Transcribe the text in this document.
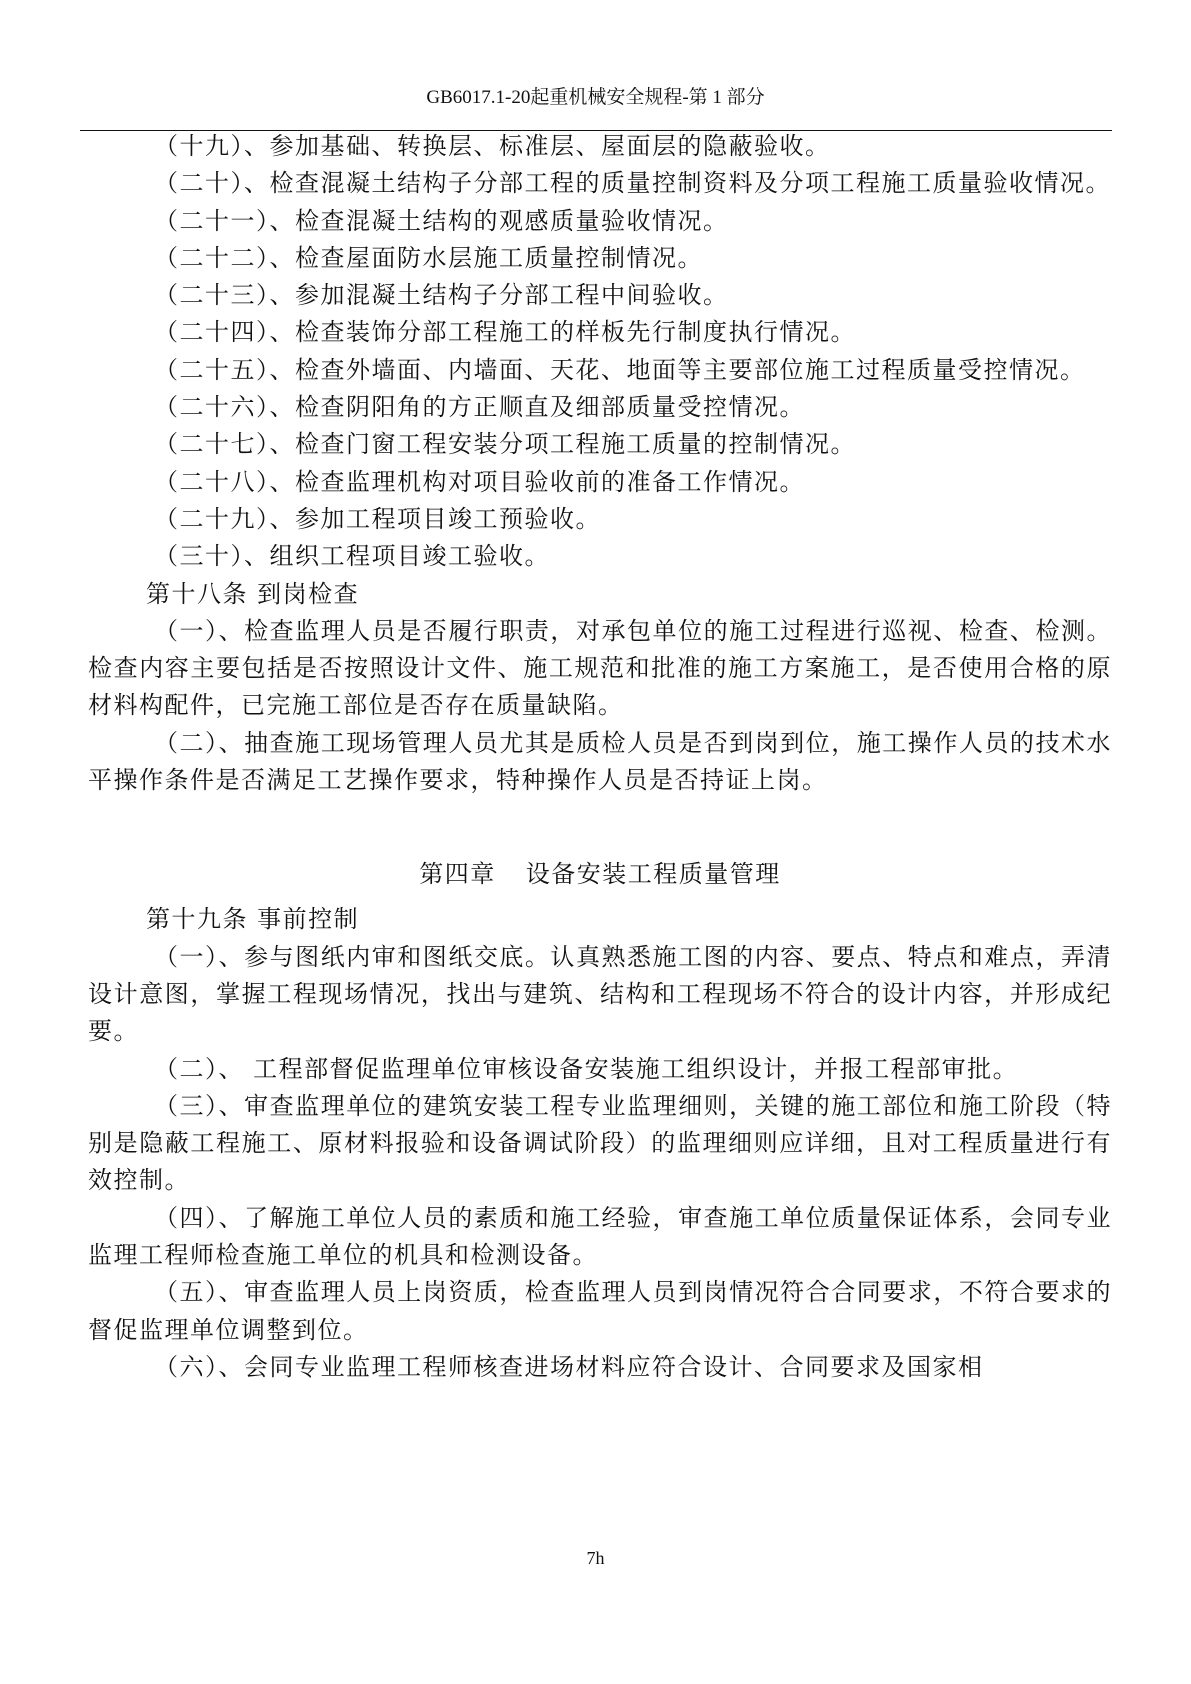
GB6017.1-20起重机械安全规程-第 1 部分

（十九）、参加基础、转换层、标准层、屋面层的隐蔽验收。

（二十）、检查混凝土结构子分部工程的质量控制资料及分项工程施工质量验收情况。

（二十一）、检查混凝土结构的观感质量验收情况。

（二十二）、检查屋面防水层施工质量控制情况。

（二十三）、参加混凝土结构子分部工程中间验收。

（二十四）、检查装饰分部工程施工的样板先行制度执行情况。

（二十五）、检查外墙面、内墙面、天花、地面等主要部位施工过程质量受控情况。

（二十六）、检查阴阳角的方正顺直及细部质量受控情况。

（二十七）、检查门窗工程安装分项工程施工质量的控制情况。

（二十八）、检查监理机构对项目验收前的准备工作情况。

（二十九）、参加工程项目竣工预验收。

（三十）、组织工程项目竣工验收。

第十八条 到岗检查

（一）、检查监理人员是否履行职责，对承包单位的施工过程进行巡视、检查、检测。检查内容主要包括是否按照设计文件、施工规范和批准的施工方案施工，是否使用合格的原材料构配件，已完施工部位是否存在质量缺陷。

（二）、抽查施工现场管理人员尤其是质检人员是否到岗到位，施工操作人员的技术水平操作条件是否满足工艺操作要求，特种操作人员是否持证上岗。

第四章 设备安装工程质量管理

第十九条 事前控制

（一）、参与图纸内审和图纸交底。认真熟悉施工图的内容、要点、特点和难点，弄清设计意图，掌握工程现场情况，找出与建筑、结构和工程现场不符合的设计内容，并形成纪要。

（二）、 工程部督促监理单位审核设备安装施工组织设计，并报工程部审批。

（三）、审查监理单位的建筑安装工程专业监理细则，关键的施工部位和施工阶段（特别是隐蔽工程施工、原材料报验和设备调试阶段）的监理细则应详细，且对工程质量进行有效控制。

（四）、了解施工单位人员的素质和施工经验，审查施工单位质量保证体系，会同专业监理工程师检查施工单位的机具和检测设备。

（五）、审查监理人员上岗资质，检查监理人员到岗情况符合合同要求，不符合要求的督促监理单位调整到位。

（六）、会同专业监理工程师核查进场材料应符合设计、合同要求及国家相

7h
